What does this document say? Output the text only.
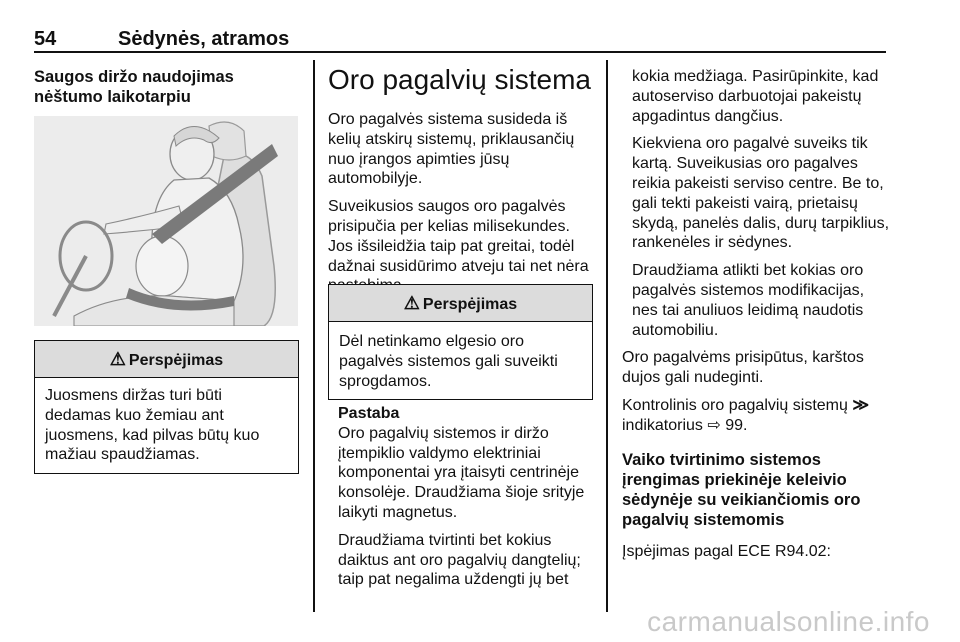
54	Sėdynės, atramos
Saugos diržo naudojimas nėštumo laikotarpiu
⚠ Perspėjimas
Juosmens diržas turi būti dedamas kuo žemiau ant juosmens, kad pilvas būtų kuo mažiau spaudžiamas.
Oro pagalvių sistema

Oro pagalvės sistema susideda iš kelių atskirų sistemų, priklausančių nuo įrangos apimties jūsų automobilyje.

Suveikusios saugos oro pagalvės prisipučia per kelias milisekundes. Jos išsileidžia taip pat greitai, todėl dažnai susidūrimo atveju tai net nėra

⚠ Perspėjimas
Dėl netinkamo elgesio oro pagalvės sistemos gali suveikti sprogdamos.
Pastaba

Oro pagalvių sistemos ir diržo įtempiklio valdymo elektriniai komponentai yra įtaisyti centrinėje konsolėje. Draudžiama šioje srityje laikyti magnetus.

Draudžiama tvirtinti bet kokius daiktus ant oro pagalvių dangtelių; taip pat negalima uždengti jų bet

kokia medžiaga. Pasirūpinkite, kad autoserviso darbuotojai pakeistų apgadintus dangčius.

Kiekviena oro pagalvė suveiks tik kartą. Suveikusias oro pagalves reikia pakeisti serviso centre. Be to, gali tekti pakeisti vairą, prietaisų skydą, panelės dalis, durų tarpiklius, rankenėles ir sėdynes.

Draudžiama atlikti bet kokias oro pagalvės sistemos modifikacijas, nes tai anuliuos leidimą naudotis automobiliu.

Oro pagalvėms prisipūtus, karštos dujos gali nudeginti.

Kontrolinis oro pagalvių sistemų ≫
indikatorius ⇨ 99.

Vaiko tvirtinimo sistemos įrengimas priekinėje keleivio sėdynėje su veikiančiomis oro pagalvių sistemomis

Įspėjimas pagal ECE R94.02:

carmanualsonline.info
